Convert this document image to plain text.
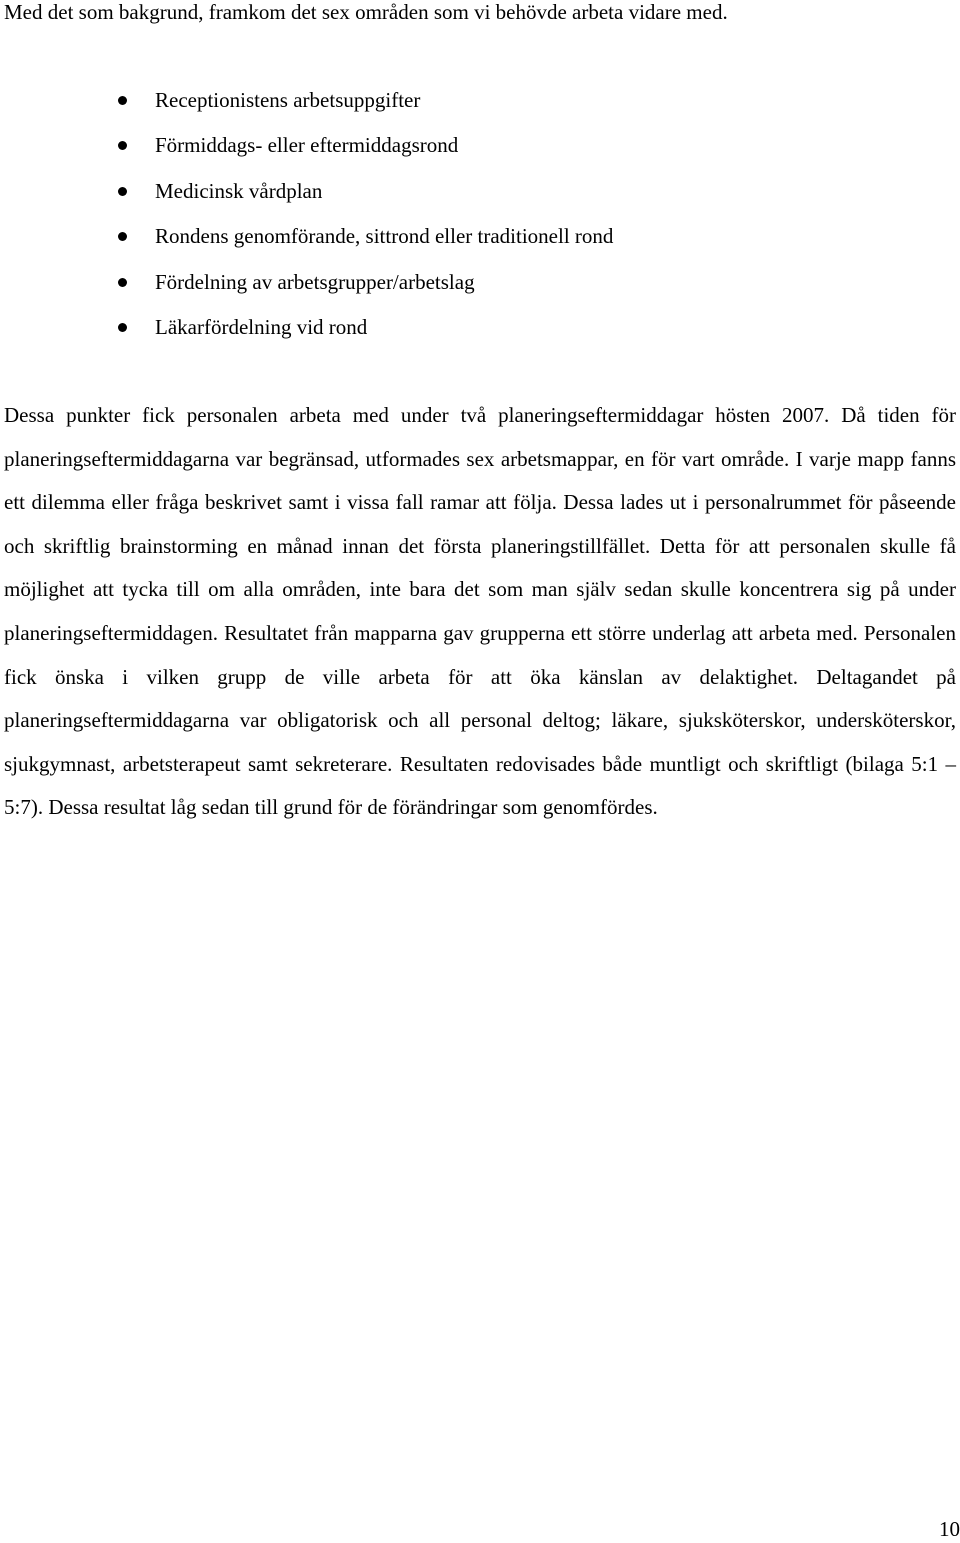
Med det som bakgrund, framkom det sex områden som vi behövde arbeta vidare med.

Receptionistens arbetsuppgifter
Förmiddags- eller eftermiddagsrond
Medicinsk vårdplan
Rondens genomförande, sittrond eller traditionell rond
Fördelning av arbetsgrupper/arbetslag
Läkarfördelning vid rond

Dessa punkter fick personalen arbeta med under två planeringseftermiddagar hösten 2007. Då tiden för planeringseftermiddagarna var begränsad, utformades sex arbetsmappar, en för vart område. I varje mapp fanns ett dilemma eller fråga beskrivet samt i vissa fall ramar att följa. Dessa lades ut i personalrummet för påseende och skriftlig brainstorming en månad innan det första planeringstillfället. Detta för att personalen skulle få möjlighet att tycka till om alla områden, inte bara det som man själv sedan skulle koncentrera sig på under planeringseftermiddagen. Resultatet från mapparna gav grupperna ett större underlag att arbeta med. Personalen fick önska i vilken grupp de ville arbeta för att öka känslan av delaktighet. Deltagandet på planeringseftermiddagarna var obligatorisk och all personal deltog; läkare, sjuksköterskor, undersköterskor, sjukgymnast, arbetsterapeut samt sekreterare. Resultaten redovisades både muntligt och skriftligt (bilaga 5:1 – 5:7). Dessa resultat låg sedan till grund för de förändringar som genomfördes.

10
